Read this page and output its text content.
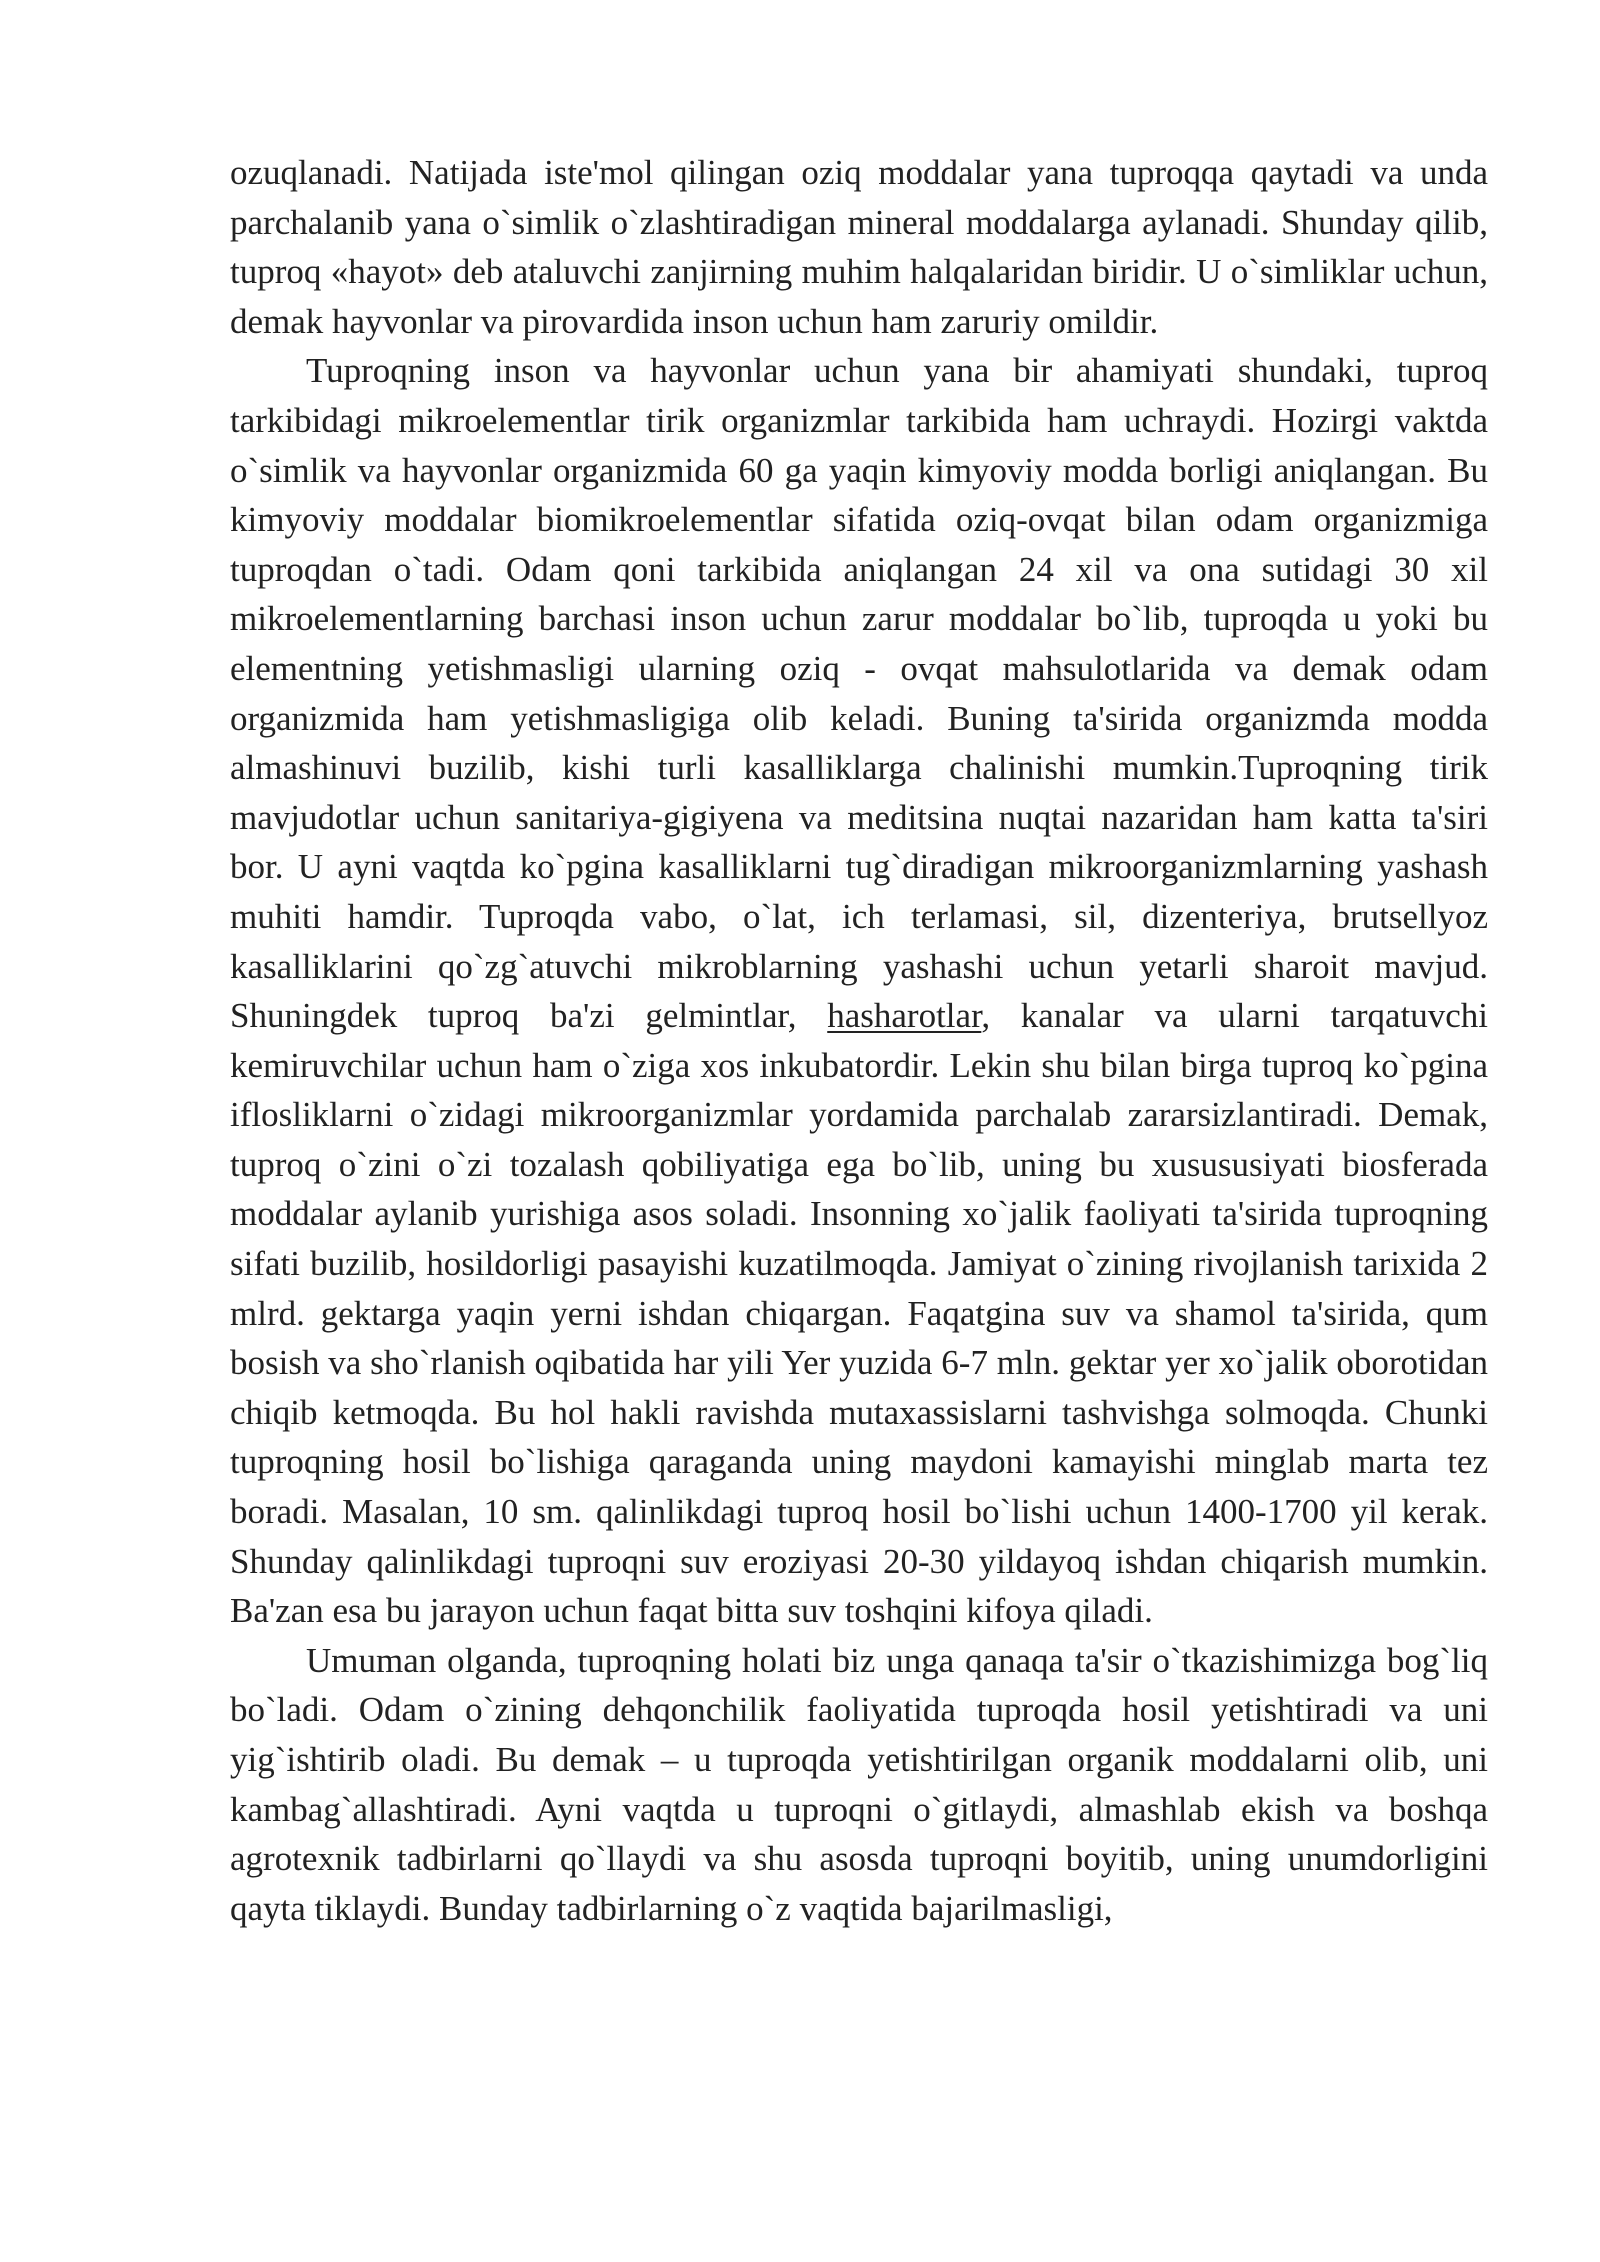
ozuqlanadi. Natijada iste'mol qilingan oziq moddalar yana tuproqqa qaytadi va unda parchalanib yana o`simlik o`zlashtiradigan mineral moddalarga aylanadi. Shunday qilib, tuproq «hayot» deb ataluvchi zanjirning muhim halqalaridan biridir. U o`simliklar uchun, demak hayvonlar va pirovardida inson uchun ham zaruriy omildir.

Tuproqning inson va hayvonlar uchun yana bir ahamiyati shundaki, tuproq tarkibidagi mikroelementlar tirik organizmlar tarkibida ham uchraydi. Hozirgi vaktda o`simlik va hayvonlar organizmida 60 ga yaqin kimyoviy modda borligi aniqlangan. Bu kimyoviy moddalar biomikroelementlar sifatida oziq-ovqat bilan odam organizmiga tuproqdan o`tadi. Odam qoni tarkibida aniqlangan 24 xil va ona sutidagi 30 xil mikroelementlarning barchasi inson uchun zarur moddalar bo`lib, tuproqda u yoki bu elementning yetishmasligi ularning oziq - ovqat mahsulotlarida va demak odam organizmida ham yetishmasligiga olib keladi. Buning ta'sirida organizmda modda almashinuvi buzilib, kishi turli kasalliklarga chalinishi mumkin.Tuproqning tirik mavjudotlar uchun sanitariya-gigiyena va meditsina nuqtai nazaridan ham katta ta'siri bor. U ayni vaqtda ko`pgina kasalliklarni tug`diradigan mikroorganizmlarning yashash muhiti hamdir. Tuproqda vabo, o`lat, ich terlamasi, sil, dizenteriya, brutsellyoz kasalliklarini qo`zg`atuvchi mikroblarning yashashi uchun yetarli sharoit mavjud. Shuningdek tuproq ba'zi gelmintlar, hasharotlar, kanalar va ularni tarqatuvchi kemiruvchilar uchun ham o`ziga xos inkubatordir. Lekin shu bilan birga tuproq ko`pgina iflosliklarni o`zidagi mikroorganizmlar yordamida parchalab zararsizlantiradi. Demak, tuproq o`zini o`zi tozalash qobiliyatiga ega bo`lib, uning bu xusususiyati biosferada moddalar aylanib yurishiga asos soladi. Insonning xo`jalik faoliyati ta'sirida tuproqning sifati buzilib, hosildorligi pasayishi kuzatilmoqda. Jamiyat o`zining rivojlanish tarixida 2 mlrd. gektarga yaqin yerni ishdan chiqargan. Faqatgina suv va shamol ta'sirida, qum bosish va sho`rlanish oqibatida har yili Yer yuzida 6-7 mln. gektar yer xo`jalik oborotidan chiqib ketmoqda. Bu hol hakli ravishda mutaxassislarni tashvishga solmoqda. Chunki tuproqning hosil bo`lishiga qaraganda uning maydoni kamayishi minglab marta tez boradi. Masalan, 10 sm. qalinlikdagi tuproq hosil bo`lishi uchun 1400-1700 yil kerak. Shunday qalinlikdagi tuproqni suv eroziyasi 20-30 yildayoq ishdan chiqarish mumkin. Ba'zan esa bu jarayon uchun faqat bitta suv toshqini kifoya qiladi.

Umuman olganda, tuproqning holati biz unga qanaqa ta'sir o`tkazishimizga bog`liq bo`ladi. Odam o`zining dehqonchilik faoliyatida tuproqda hosil yetishtiradi va uni yig`ishtirib oladi. Bu demak – u tuproqda yetishtirilgan organik moddalarni olib, uni kambag`allashtiradi. Ayni vaqtda u tuproqni o`gitlaydi, almashlab ekish va boshqa agrotexnik tadbirlarni qo`llaydi va shu asosda tuproqni boyitib, uning unumdorligini qayta tiklaydi. Bunday tadbirlarning o`z vaqtida bajarilmasligi,
